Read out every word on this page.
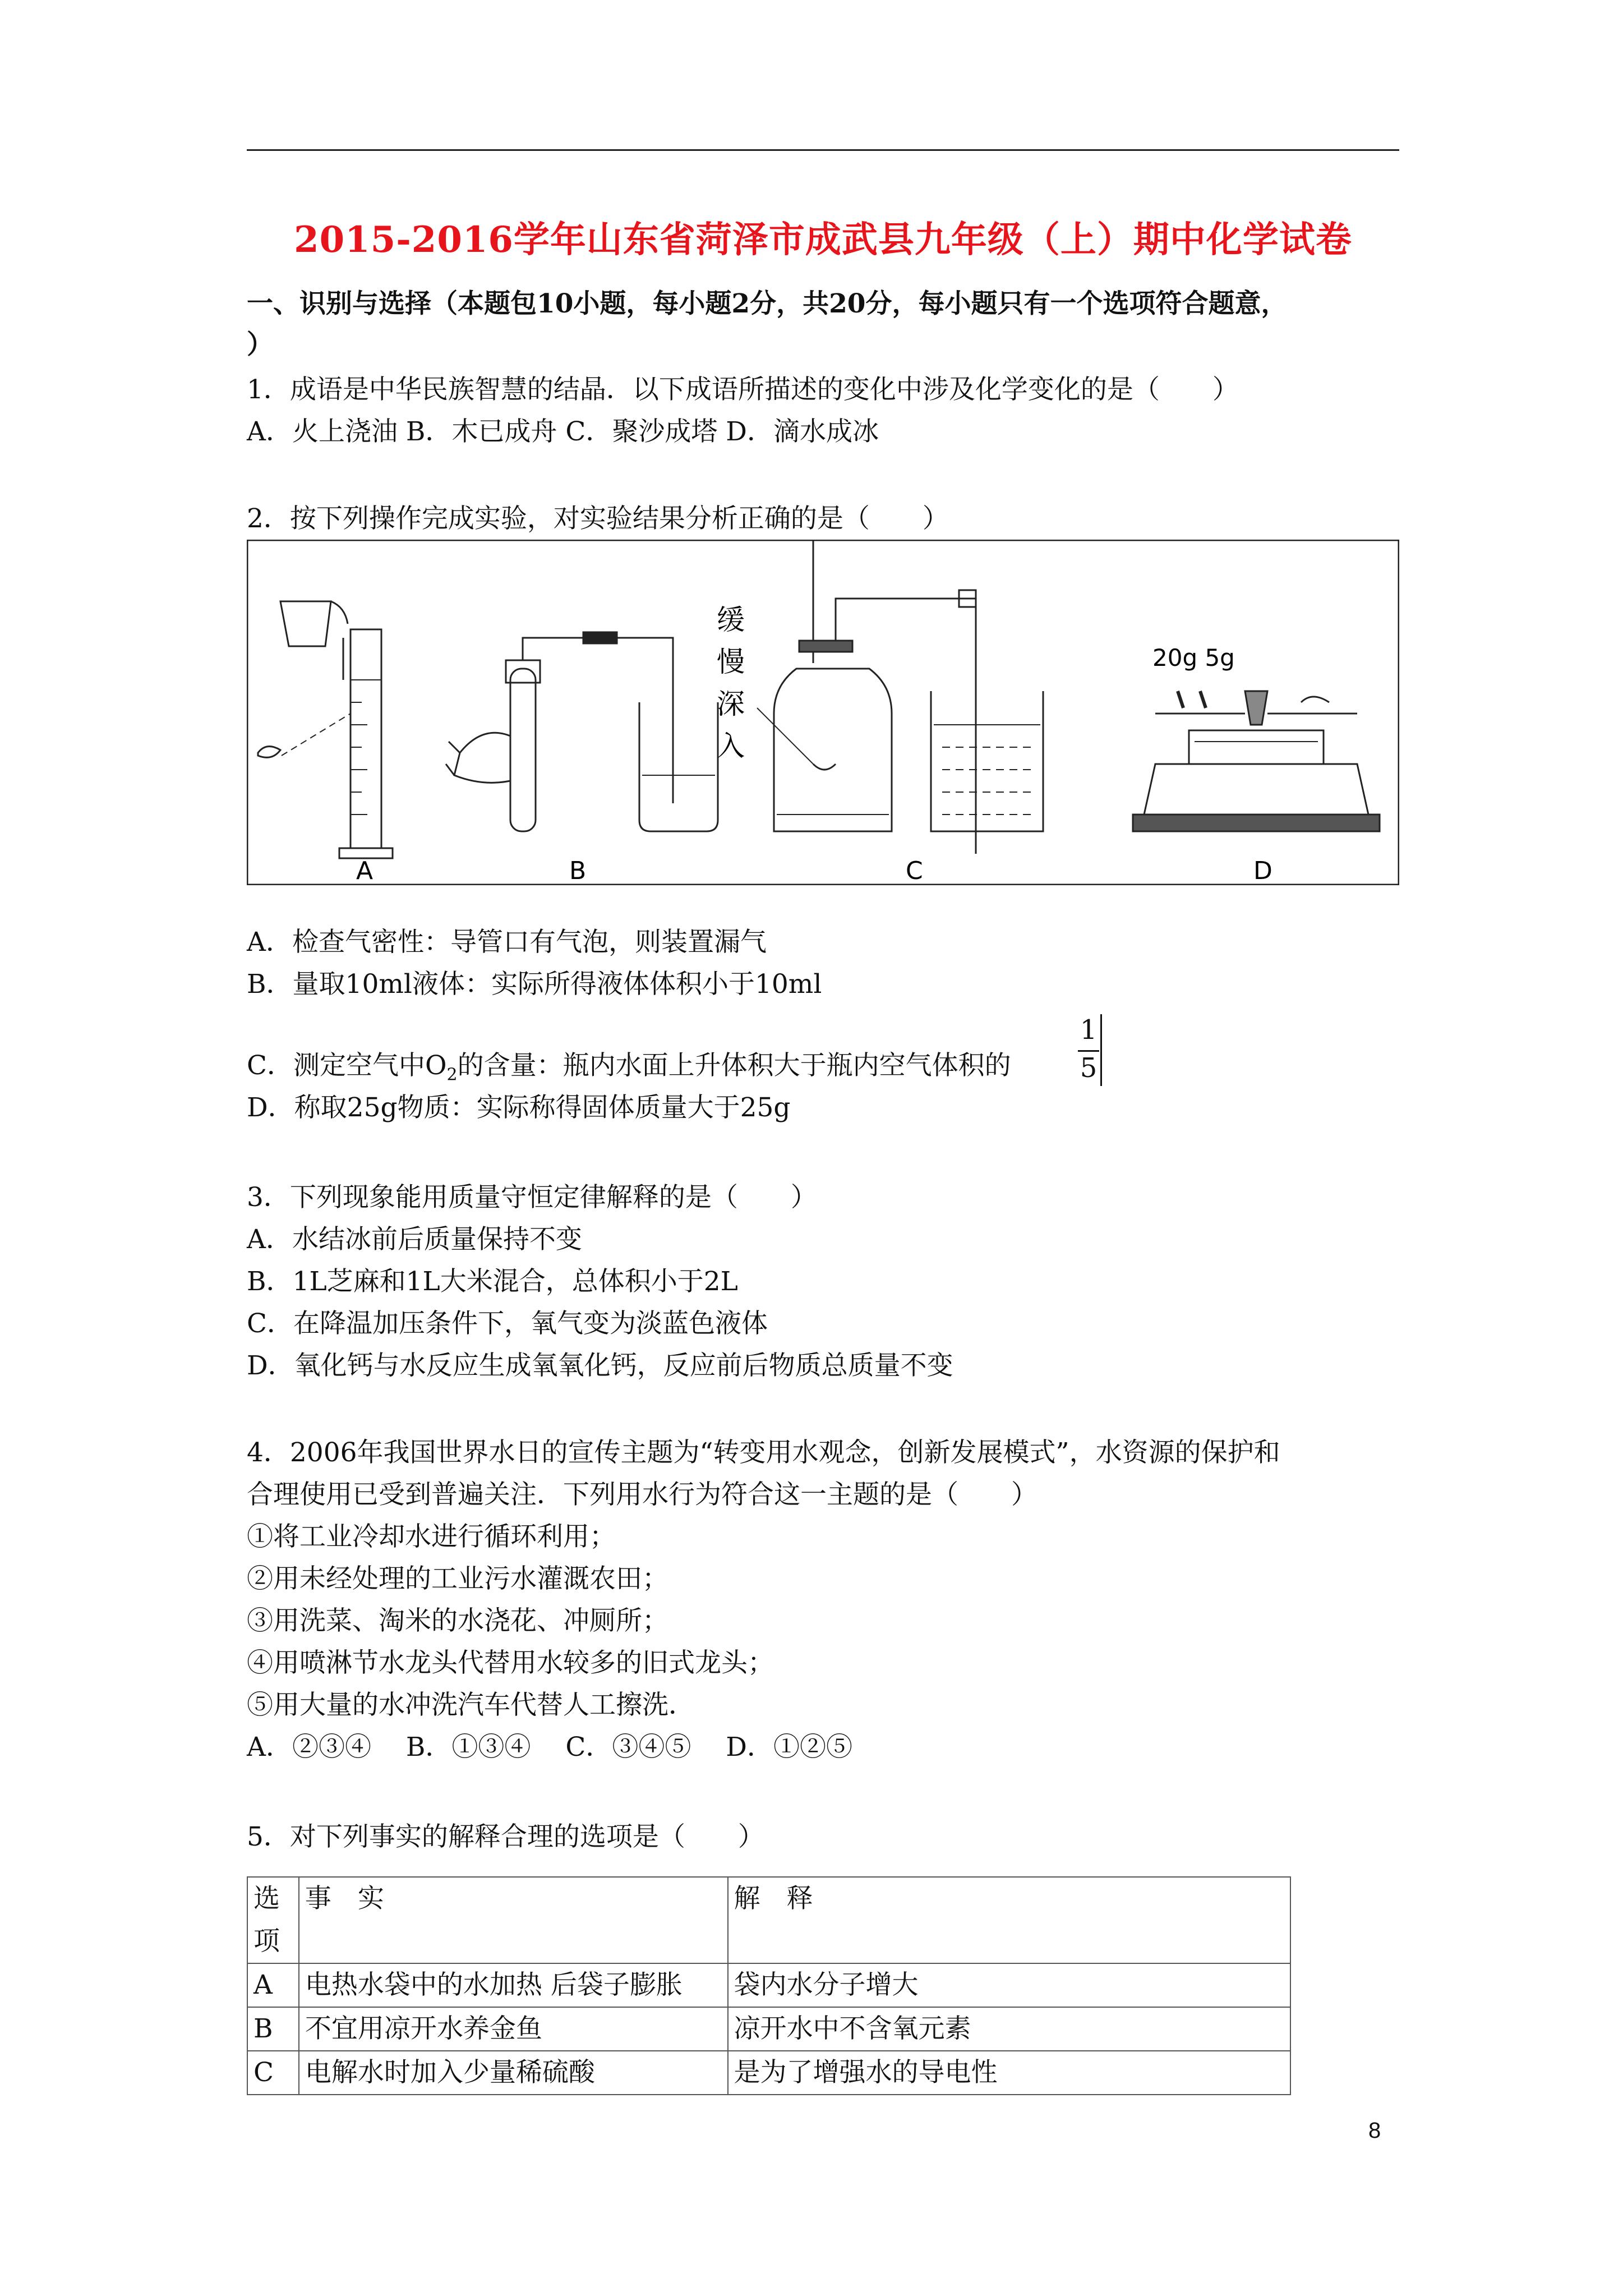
2015-2016学年山东省菏泽市成武县九年级（上）期中化学试卷
一、识别与选择（本题包10小题，每小题2分，共20分，每小题只有一个选项符合题意，
）
1．成语是中华民族智慧的结晶．以下成语所描述的变化中涉及化学变化的是（　　）
A．火上浇油 B．木已成舟 C．聚沙成塔 D．滴水成冰
2．按下列操作完成实验，对实验结果分析正确的是（　　）
A	B
缓
慢
深
入
C
20g 5g
D
A．检查气密性：导管口有气泡，则装置漏气
B．量取10ml液体：实际所得液体体积小于10ml
C．测定空气中$O_2$的含量：瓶内水面上升体积大于瓶内空气体积的
1
5
D．称取25g物质：实际称得固体质量大于25g
3．下列现象能用质量守恒定律解释的是（　　）
A．水结冰前后质量保持不变
B．1L芝麻和1L大米混合，总体积小于2L
C．在降温加压条件下，氧气变为淡蓝色液体
D．氧化钙与水反应生成氧氧化钙，反应前后物质总质量不变
4．2006年我国世界水日的宣传主题为“转变用水观念，创新发展模式”，水资源的保护和
合理使用已受到普遍关注．下列用水行为符合这一主题的是（　　）
①将工业冷却水进行循环利用；
②用未经处理的工业污水灌溉农田；
③用洗菜、淘米的水浇花、冲厕所；
④用喷淋节水龙头代替用水较多的旧式龙头；
⑤用大量的水冲洗汽车代替人工擦洗．
A．②③④　 B．①③④　 C．③④⑤　 D．①②⑤
5．对下列事实的解释合理的选项是（　　）
选
项	事　实	解　释
A	电热水袋中的水加热 后袋子膨胀	袋内水分子增大
B	不宜用凉开水养金鱼	凉开水中不含氧元素
C	电解水时加入少量稀硫酸	是为了增强水的导电性
8
